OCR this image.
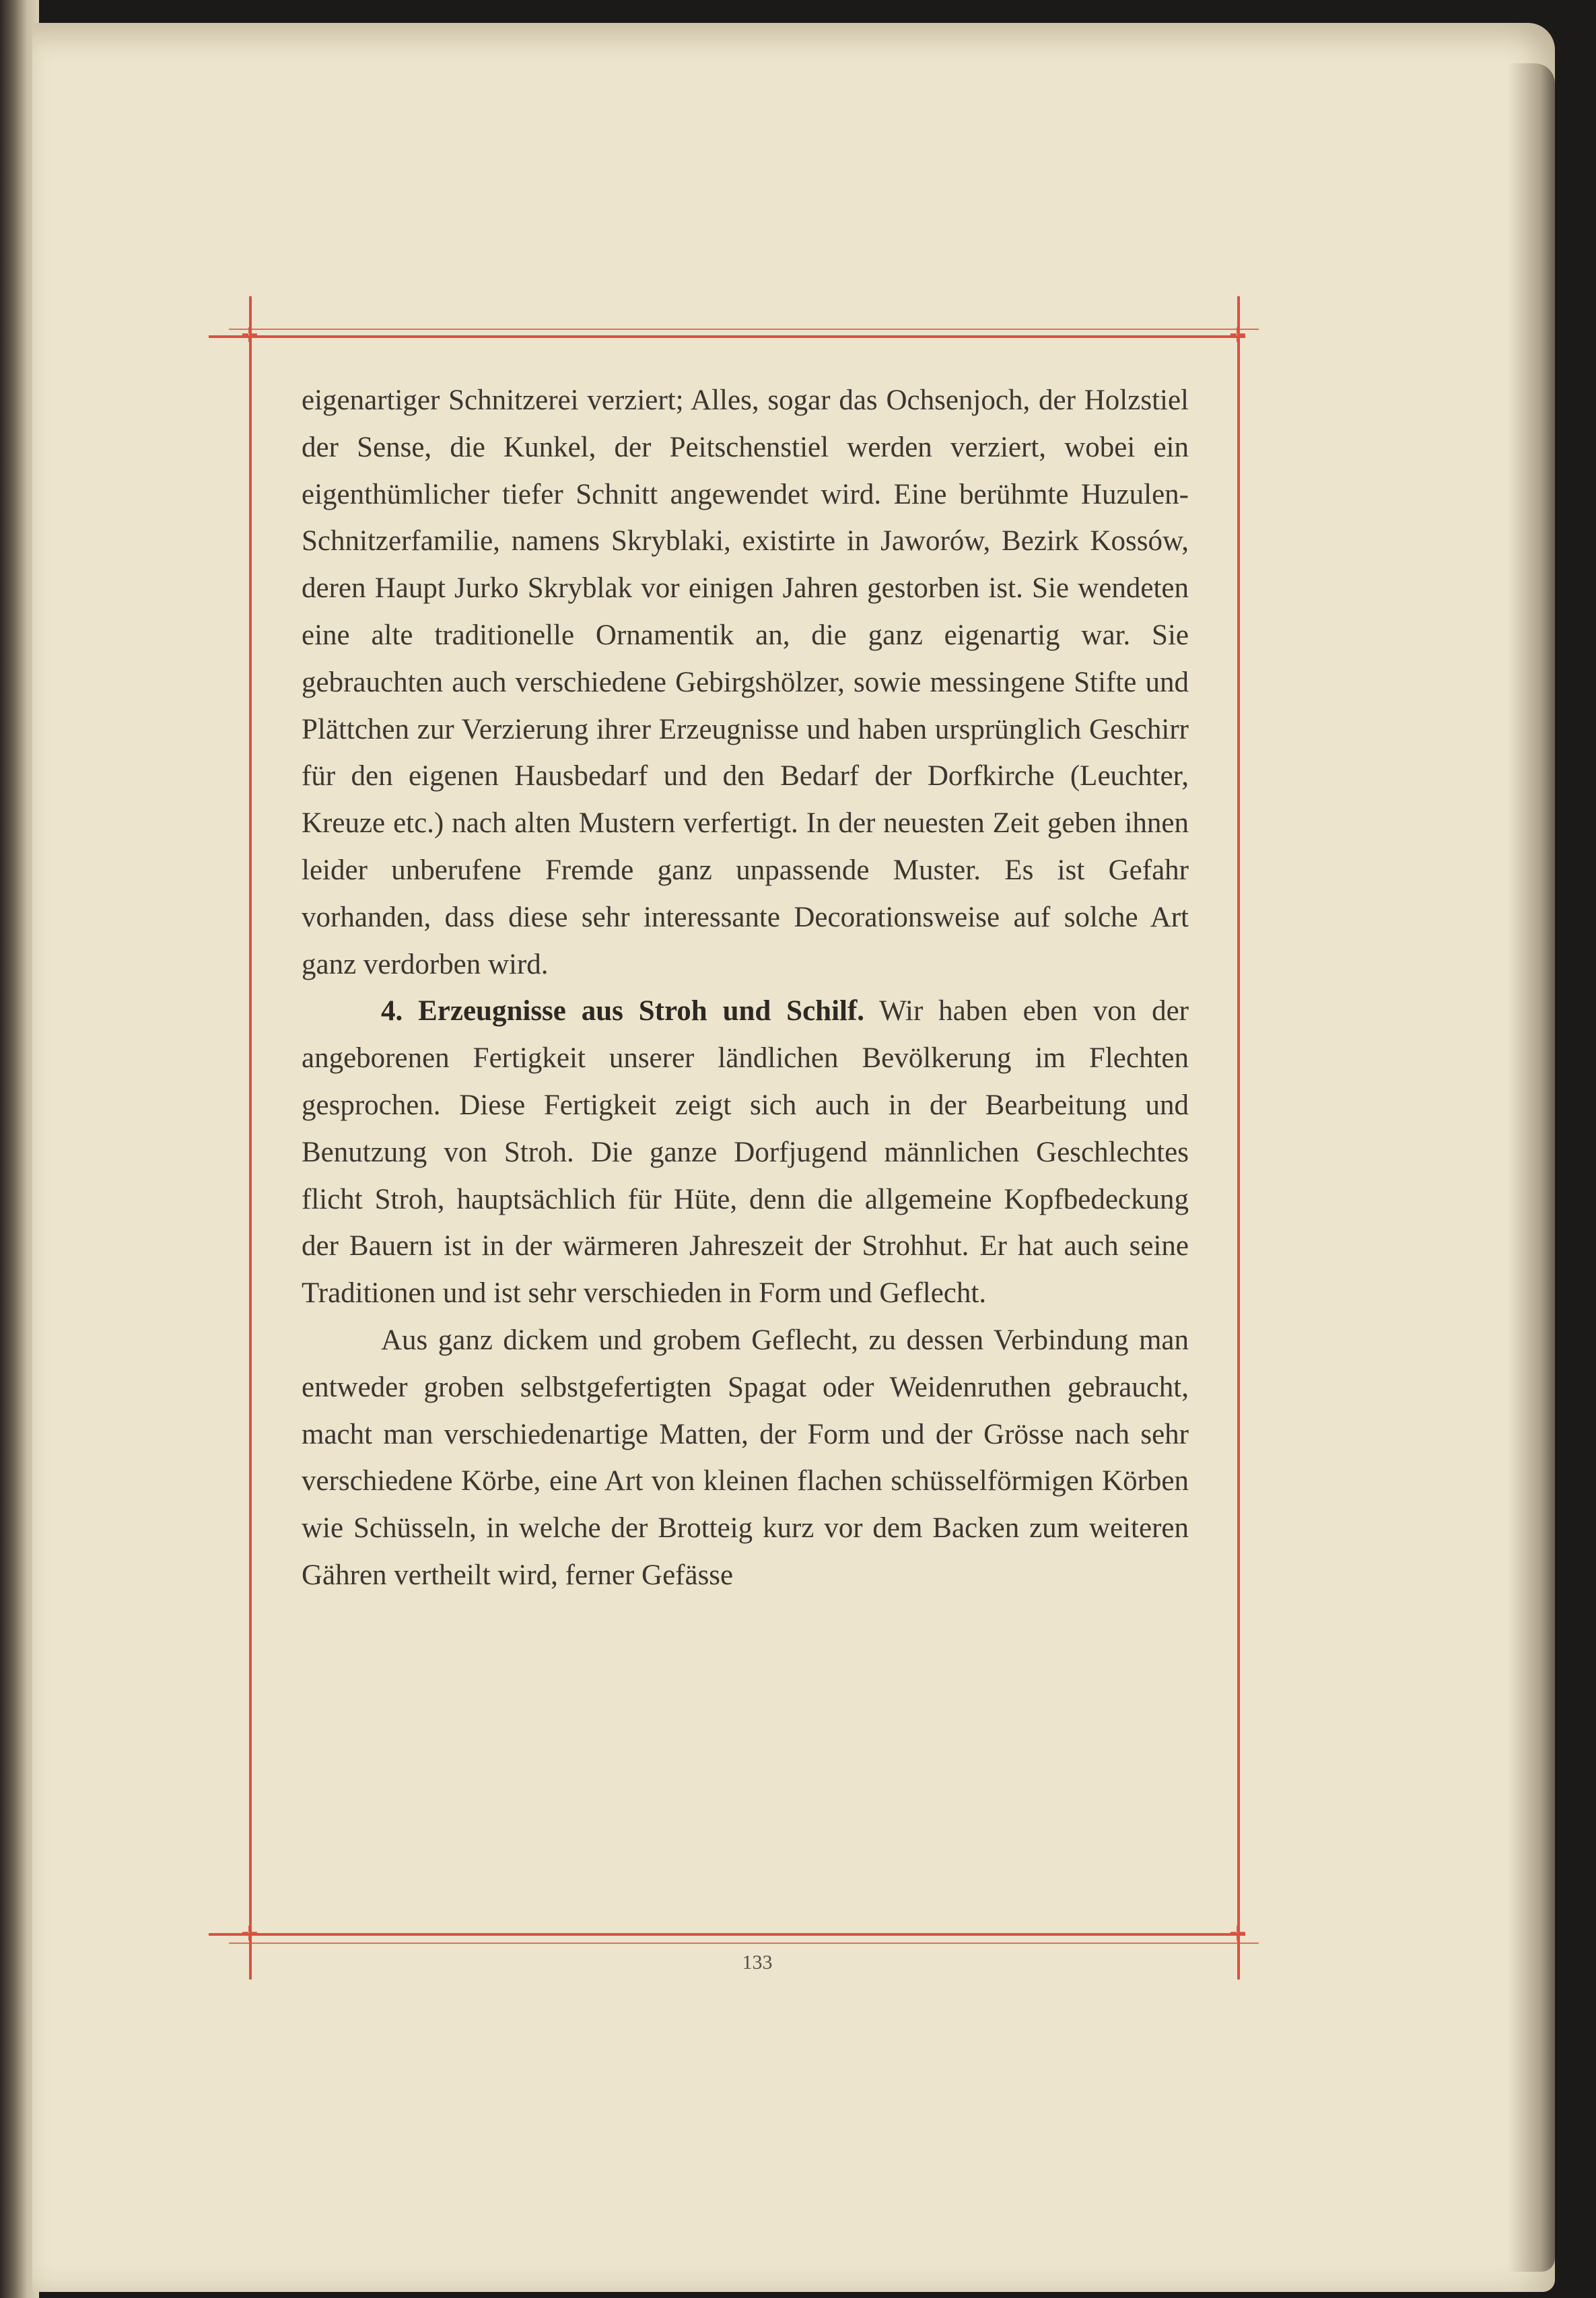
✛	✛
✛	✛

eigenartiger Schnitzerei verziert; Alles, sogar das Ochsenjoch, der Holzstiel der Sense, die Kunkel, der Peitschenstiel werden verziert, wobei ein eigenthümlicher tiefer Schnitt angewendet wird. Eine berühmte Huzulen-Schnitzerfamilie, namens Skryblaki, existirte in Jaworów, Bezirk Kossów, deren Haupt Jurko Skryblak vor einigen Jahren gestorben ist. Sie wendeten eine alte traditionelle Ornamentik an, die ganz eigenartig war. Sie gebrauchten auch verschiedene Gebirgshölzer, sowie messingene Stifte und Plättchen zur Verzierung ihrer Erzeugnisse und haben ursprünglich Geschirr für den eigenen Hausbedarf und den Bedarf der Dorfkirche (Leuchter, Kreuze etc.) nach alten Mustern verfertigt. In der neuesten Zeit geben ihnen leider unberufene Fremde ganz unpassende Muster. Es ist Gefahr vorhanden, dass diese sehr interessante Decorationsweise auf solche Art ganz verdorben wird.

4. Erzeugnisse aus Stroh und Schilf. Wir haben eben von der angeborenen Fertigkeit unserer ländlichen Bevölkerung im Flechten gesprochen. Diese Fertigkeit zeigt sich auch in der Bearbeitung und Benutzung von Stroh. Die ganze Dorfjugend männlichen Geschlechtes flicht Stroh, hauptsächlich für Hüte, denn die allgemeine Kopfbedeckung der Bauern ist in der wärmeren Jahreszeit der Strohhut. Er hat auch seine Traditionen und ist sehr verschieden in Form und Geflecht.

Aus ganz dickem und grobem Geflecht, zu dessen Verbindung man entweder groben selbstgefertigten Spagat oder Weidenruthen gebraucht, macht man verschiedenartige Matten, der Form und der Grösse nach sehr verschiedene Körbe, eine Art von kleinen flachen schüsselförmigen Körben wie Schüsseln, in welche der Brotteig kurz vor dem Backen zum weiteren Gähren vertheilt wird, ferner Gefässe

133
